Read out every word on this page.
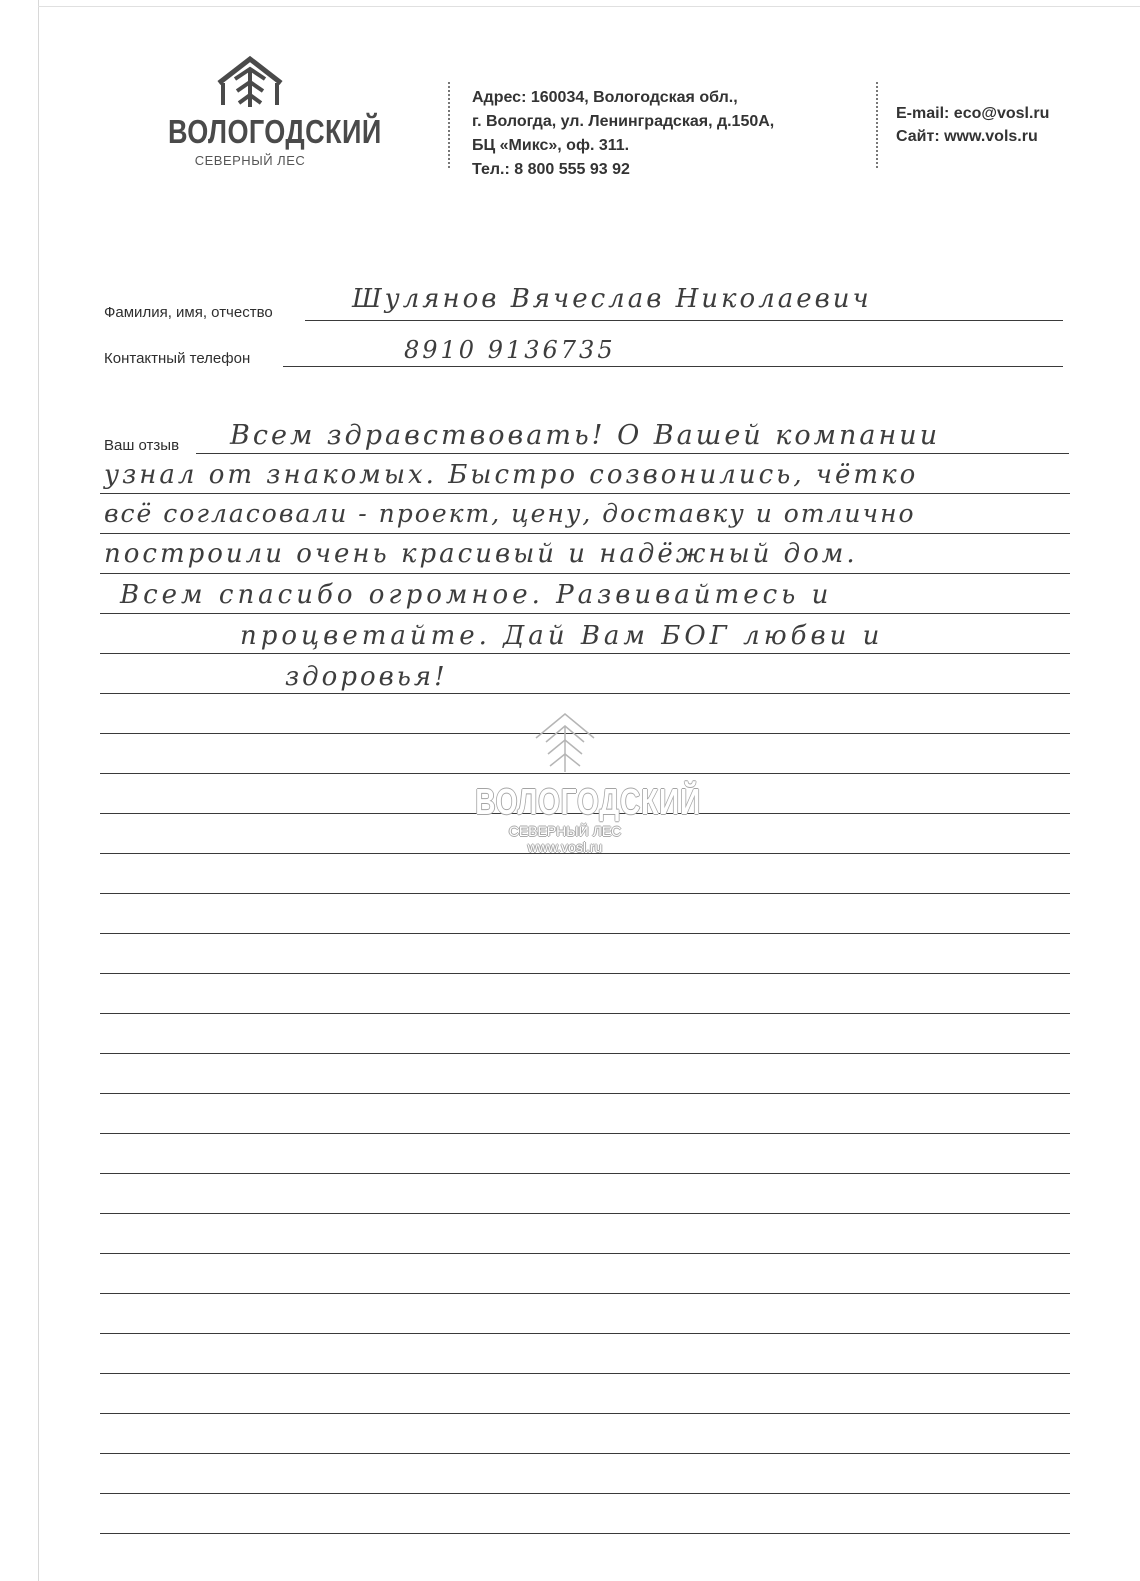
ВОЛОГОДСКИЙ
СЕВЕРНЫЙ ЛЕС
Адрес: 160034, Вологодская обл.,
г. Вологда, ул. Ленинградская, д.150А,
БЦ «Микс», оф. 311.
Тел.: 8 800 555 93 92
E-mail: eco@vosl.ru
Сайт: www.vols.ru
Фамилия, имя, отчество	Шулянов Вячеслав Николаевич
Контактный телефон	8910 9136735
Ваш отзыв Всем здравствовать! О Вашей компании
узнал от знакомых. Быстро созвонились, чётко
всё согласовали - проект, цену, доставку и отлично
построили очень красивый и надёжный дом.
Всем спасибо огромное. Развивайтесь и
процветайте. Дай Вам БОГ любви и
здоровья!
ВОЛОГОДСКИЙ
СЕВЕРНЫЙ ЛЕС
www.vosl.ru
